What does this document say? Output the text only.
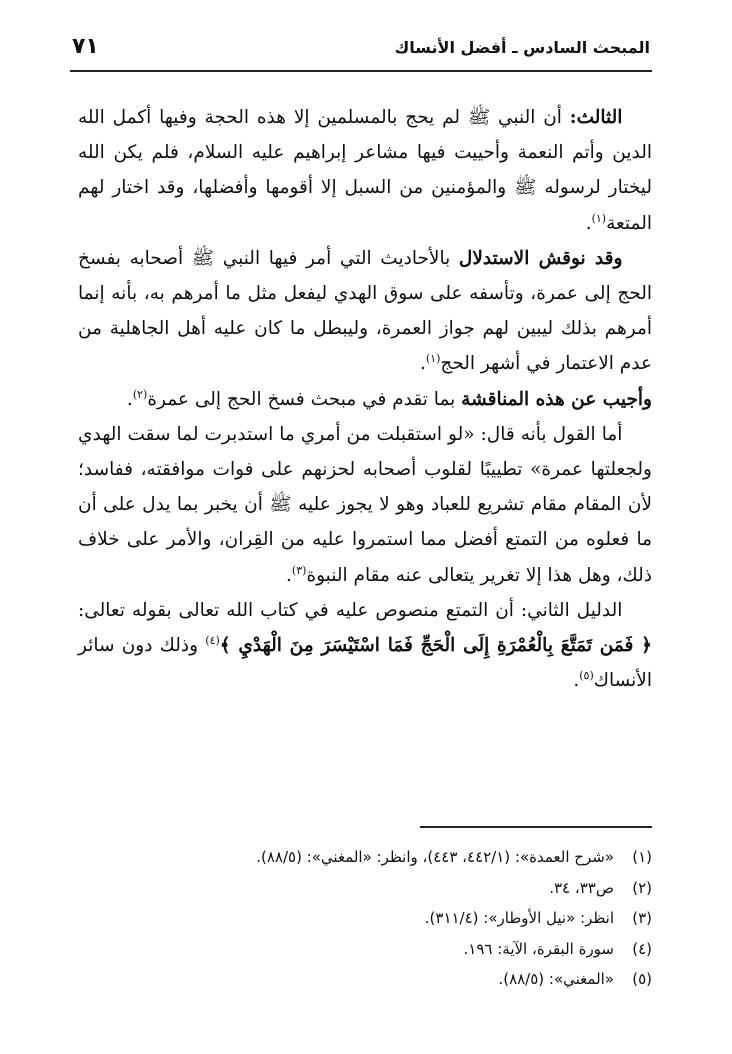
٧١	المبحث السادس ـ أفضل الأنساك

الثالث: أن النبي ﷺ لم يحج بالمسلمين إلا هذه الحجة وفيها أكمل الله الدين وأتم النعمة وأحييت فيها مشاعر إبراهيم عليه السلام، فلم يكن الله ليختار لرسوله ﷺ والمؤمنين من السبل إلا أقومها وأفضلها، وقد اختار لهم المتعة$^{(١)}$.

وقد نوقش الاستدلال بالأحاديث التي أمر فيها النبي ﷺ أصحابه بفسخ الحج إلى عمرة، وتأسفه على سوق الهدي ليفعل مثل ما أمرهم به، بأنه إنما أمرهم بذلك ليبين لهم جواز العمرة، وليبطل ما كان عليه أهل الجاهلية من عدم الاعتمار في أشهر الحج$^{(١)}$.

وأجيب عن هذه المناقشة بما تقدم في مبحث فسخ الحج إلى عمرة$^{(٢)}$.

أما القول بأنه قال: «لو استقبلت من أمري ما استدبرت لما سقت الهدي ولجعلتها عمرة» تطييبًا لقلوب أصحابه لحزنهم على فوات موافقته، ففاسد؛ لأن المقام مقام تشريع للعباد وهو لا يجوز عليه ﷺ أن يخبر بما يدل على أن ما فعلوه من التمتع أفضل مما استمروا عليه من القِران، والأمر على خلاف ذلك، وهل هذا إلا تغرير يتعالى عنه مقام النبوة$^{(٣)}$.

الدليل الثاني: أن التمتع منصوص عليه في كتاب الله تعالى بقوله تعالى: ﴿ فَمَن تَمَتَّعَ بِالْعُمْرَةِ إِلَى الْحَجِّ فَمَا اسْتَيْسَرَ مِنَ الْهَدْيِ ﴾$^{(٤)}$ وذلك دون سائر الأنساك$^{(٥)}$.

(١)
«شرح العمدة»: (٤٤٢/١، ٤٤٣)، وانظر: «المغني»: (٨٨/٥).
(٢)
ص٣٣، ٣٤.
(٣)
انظر: «نيل الأوطار»: (٣١١/٤).
(٤)
سورة البقرة، الآية: ١٩٦.
(٥)
«المغني»: (٨٨/٥).
